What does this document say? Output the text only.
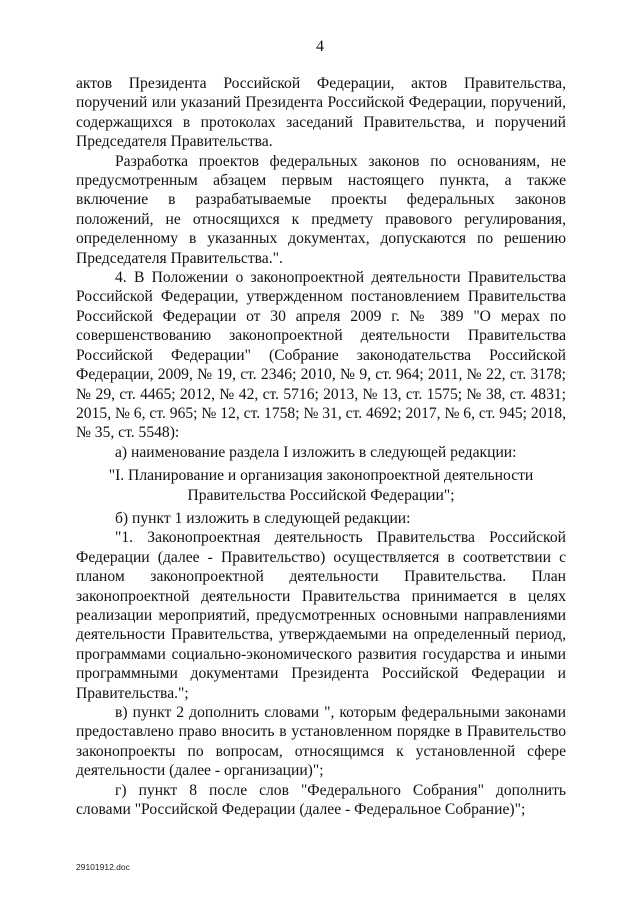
4

актов Президента Российской Федерации, актов Правительства, поручений или указаний Президента Российской Федерации, поручений, содержащихся в протоколах заседаний Правительства, и поручений Председателя Правительства.

Разработка проектов федеральных законов по основаниям, не предусмотренным абзацем первым настоящего пункта, а также включение в разрабатываемые проекты федеральных законов положений, не относящихся к предмету правового регулирования, определенному в указанных документах, допускаются по решению Председателя Правительства.".

4. В Положении о законопроектной деятельности Правительства Российской Федерации, утвержденном постановлением Правительства Российской Федерации от 30 апреля 2009 г. № 389 "О мерах по совершенствованию законопроектной деятельности Правительства Российской Федерации" (Собрание законодательства Российской Федерации, 2009, № 19, ст. 2346; 2010, № 9, ст. 964; 2011, № 22, ст. 3178; № 29, ст. 4465; 2012, № 42, ст. 5716; 2013, № 13, ст. 1575; № 38, ст. 4831; 2015, № 6, ст. 965; № 12, ст. 1758; № 31, ст. 4692; 2017, № 6, ст. 945; 2018, № 35, ст. 5548):

а) наименование раздела I изложить в следующей редакции:

"I. Планирование и организация законопроектной деятельности Правительства Российской Федерации";

б) пункт 1 изложить в следующей редакции:

"1. Законопроектная деятельность Правительства Российской Федерации (далее - Правительство) осуществляется в соответствии с планом законопроектной деятельности Правительства. План законопроектной деятельности Правительства принимается в целях реализации мероприятий, предусмотренных основными направлениями деятельности Правительства, утверждаемыми на определенный период, программами социально-экономического развития государства и иными программными документами Президента Российской Федерации и Правительства.";

в) пункт 2 дополнить словами ", которым федеральными законами предоставлено право вносить в установленном порядке в Правительство законопроекты по вопросам, относящимся к установленной сфере деятельности (далее - организации)";

г) пункт 8 после слов "Федерального Собрания" дополнить словами "Российской Федерации (далее - Федеральное Собрание)";

29101912.doc
